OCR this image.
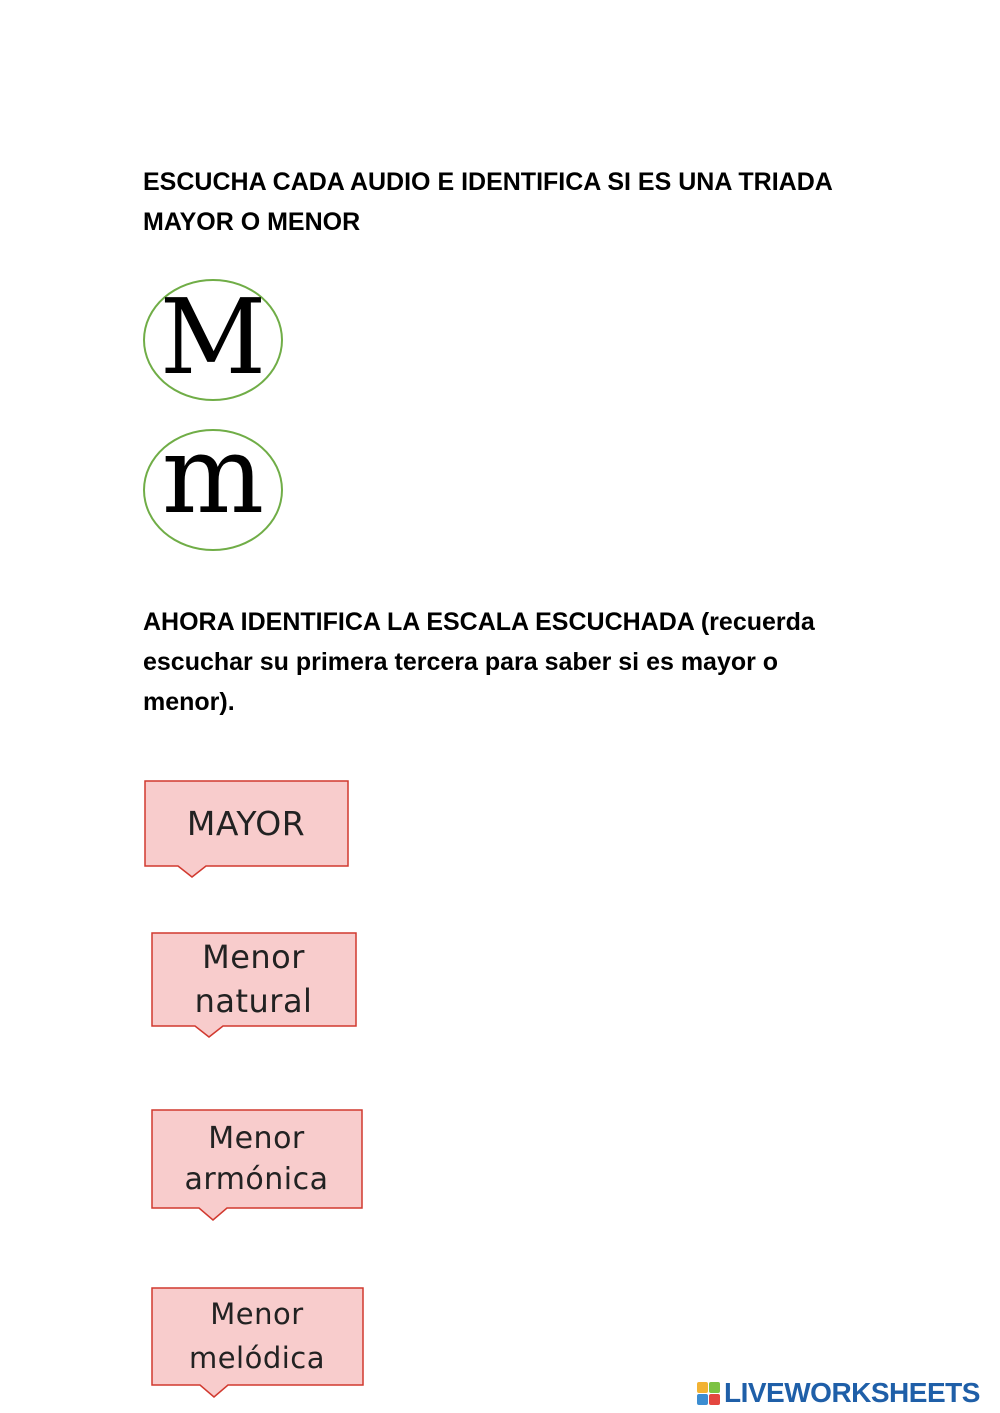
ESCUCHA CADA AUDIO E IDENTIFICA SI ES UNA TRIADA MAYOR O MENOR

M
m

AHORA IDENTIFICA LA ESCALA ESCUCHADA (recuerda escuchar su primera tercera para saber si es mayor o menor).

MAYOR
Menor
natural
Menor
armónica
Menor
melódica
LIVEWORKSHEETS
